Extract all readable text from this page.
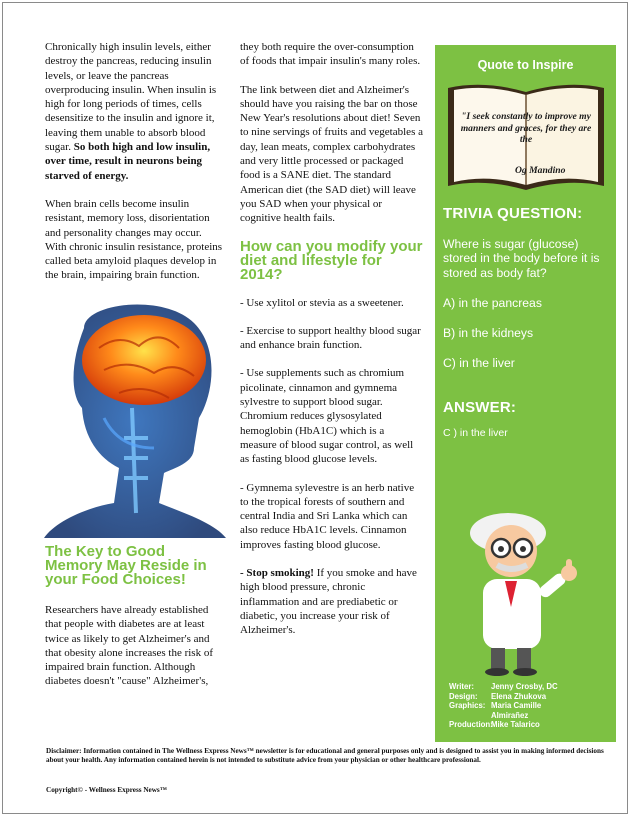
Chronically high insulin levels, either destroy the pancreas, reducing insulin levels, or leave the pancreas overproducing insulin. When insulin is high for long periods of times, cells desensitize to the insulin and ignore it, leaving them unable to absorb blood sugar. So both high and low insulin, over time, result in neurons being starved of energy.

When brain cells become insulin resistant, memory loss, disorientation and personality changes may occur. With chronic insulin resistance, proteins called beta amyloid plaques develop in the brain, impairing brain function.

The Key to Good Memory May Reside in your Food Choices!

Researchers have already established that people with diabetes are at least twice as likely to get Alzheimer's and that obesity alone increases the risk of impaired brain function. Although diabetes doesn't "cause" Alzheimer's,

they both require the over-consumption of foods that impair insulin's many roles.

The link between diet and Alzheimer's should have you raising the bar on those New Year's resolutions about diet! Seven to nine servings of fruits and vegetables a day, lean meats, complex carbohydrates and very little processed or packaged food is a SANE diet. The standard American diet (the SAD diet) will leave you SAD when your physical or cognitive health fails.

How can you modify your diet and lifestyle for 2014?

- Use xylitol or stevia as a sweetener.

- Exercise to support healthy blood sugar and enhance brain function.

- Use supplements such as chromium picolinate, cinnamon and gymnema sylvestre to support blood sugar. Chromium reduces glysosylated hemoglobin (HbA1C) which is a measure of blood sugar control, as well as fasting blood glucose levels.

- Gymnema sylevestre is an herb native to the tropical forests of southern and central India and Sri Lanka which can also reduce HbA1C levels. Cinnamon improves fasting blood glucose.

- Stop smoking! If you smoke and have high blood pressure, chronic inflammation and are prediabetic or diabetic, you increase your risk of Alzheimer's.

Quote to Inspire
"I seek constantly to improve my manners and graces, for they are the
Og Mandino
TRIVIA QUESTION:
Where is sugar (glucose) stored in the body before it is stored as body fat?
A) in the pancreas
B) in the kidneys
C) in the liver
ANSWER:
C ) in the liver
Writer:	Jenny Crosby, DC
Design:	Elena Zhukova
Graphics: Maria Camille Almirañez
Production:
Mike Talarico
Disclaimer: Information contained in The Wellness Express News™ newsletter is for educational and general purposes only and is designed to assist you in making informed decisions about your health. Any information contained herein is not intended to substitute advice from your physician or other healthcare professional.
Copyright© - Wellness Express News™
